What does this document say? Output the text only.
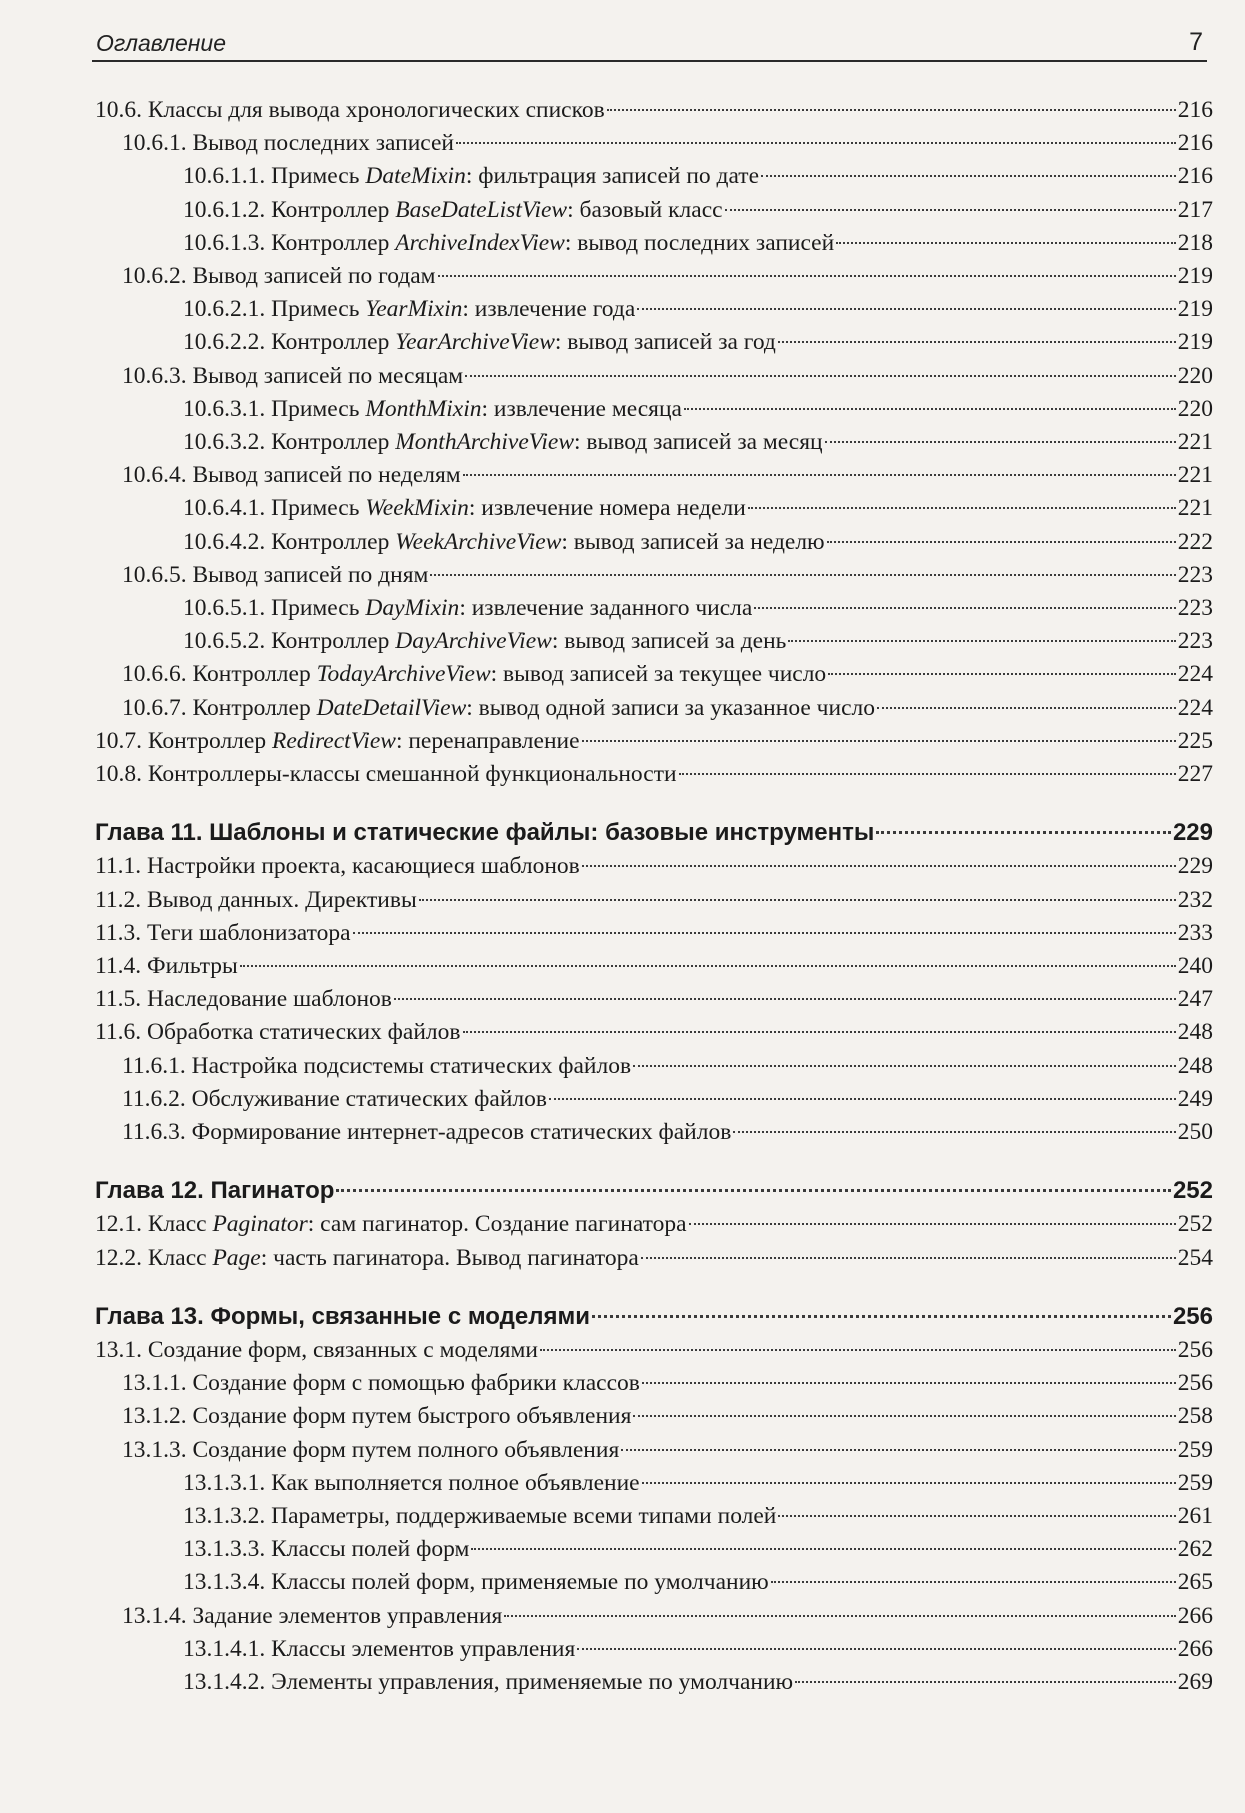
Оглавление	7
10.6. Классы для вывода хронологических списков	216
10.6.1. Вывод последних записей	216
10.6.1.1. Примесь DateMixin: фильтрация записей по дате	216
10.6.1.2. Контроллер BaseDateListView: базовый класс	217
10.6.1.3. Контроллер ArchiveIndexView: вывод последних записей	218
10.6.2. Вывод записей по годам	219
10.6.2.1. Примесь YearMixin: извлечение года	219
10.6.2.2. Контроллер YearArchiveView: вывод записей за год	219
10.6.3. Вывод записей по месяцам	220
10.6.3.1. Примесь MonthMixin: извлечение месяца	220
10.6.3.2. Контроллер MonthArchiveView: вывод записей за месяц	221
10.6.4. Вывод записей по неделям	221
10.6.4.1. Примесь WeekMixin: извлечение номера недели	221
10.6.4.2. Контроллер WeekArchiveView: вывод записей за неделю	222
10.6.5. Вывод записей по дням	223
10.6.5.1. Примесь DayMixin: извлечение заданного числа	223
10.6.5.2. Контроллер DayArchiveView: вывод записей за день	223
10.6.6. Контроллер TodayArchiveView: вывод записей за текущее число	224
10.6.7. Контроллер DateDetailView: вывод одной записи за указанное число	224
10.7. Контроллер RedirectView: перенаправление	225
10.8. Контроллеры-классы смешанной функциональности	227
Глава 11. Шаблоны и статические файлы: базовые инструменты	229
11.1. Настройки проекта, касающиеся шаблонов	229
11.2. Вывод данных. Директивы	232
11.3. Теги шаблонизатора	233
11.4. Фильтры	240
11.5. Наследование шаблонов	247
11.6. Обработка статических файлов	248
11.6.1. Настройка подсистемы статических файлов	248
11.6.2. Обслуживание статических файлов	249
11.6.3. Формирование интернет-адресов статических файлов	250
Глава 12. Пагинатор	252
12.1. Класс Paginator: сам пагинатор. Создание пагинатора	252
12.2. Класс Page: часть пагинатора. Вывод пагинатора	254
Глава 13. Формы, связанные с моделями	256
13.1. Создание форм, связанных с моделями	256
13.1.1. Создание форм с помощью фабрики классов	256
13.1.2. Создание форм путем быстрого объявления	258
13.1.3. Создание форм путем полного объявления	259
13.1.3.1. Как выполняется полное объявление	259
13.1.3.2. Параметры, поддерживаемые всеми типами полей	261
13.1.3.3. Классы полей форм	262
13.1.3.4. Классы полей форм, применяемые по умолчанию	265
13.1.4. Задание элементов управления	266
13.1.4.1. Классы элементов управления	266
13.1.4.2. Элементы управления, применяемые по умолчанию	269
